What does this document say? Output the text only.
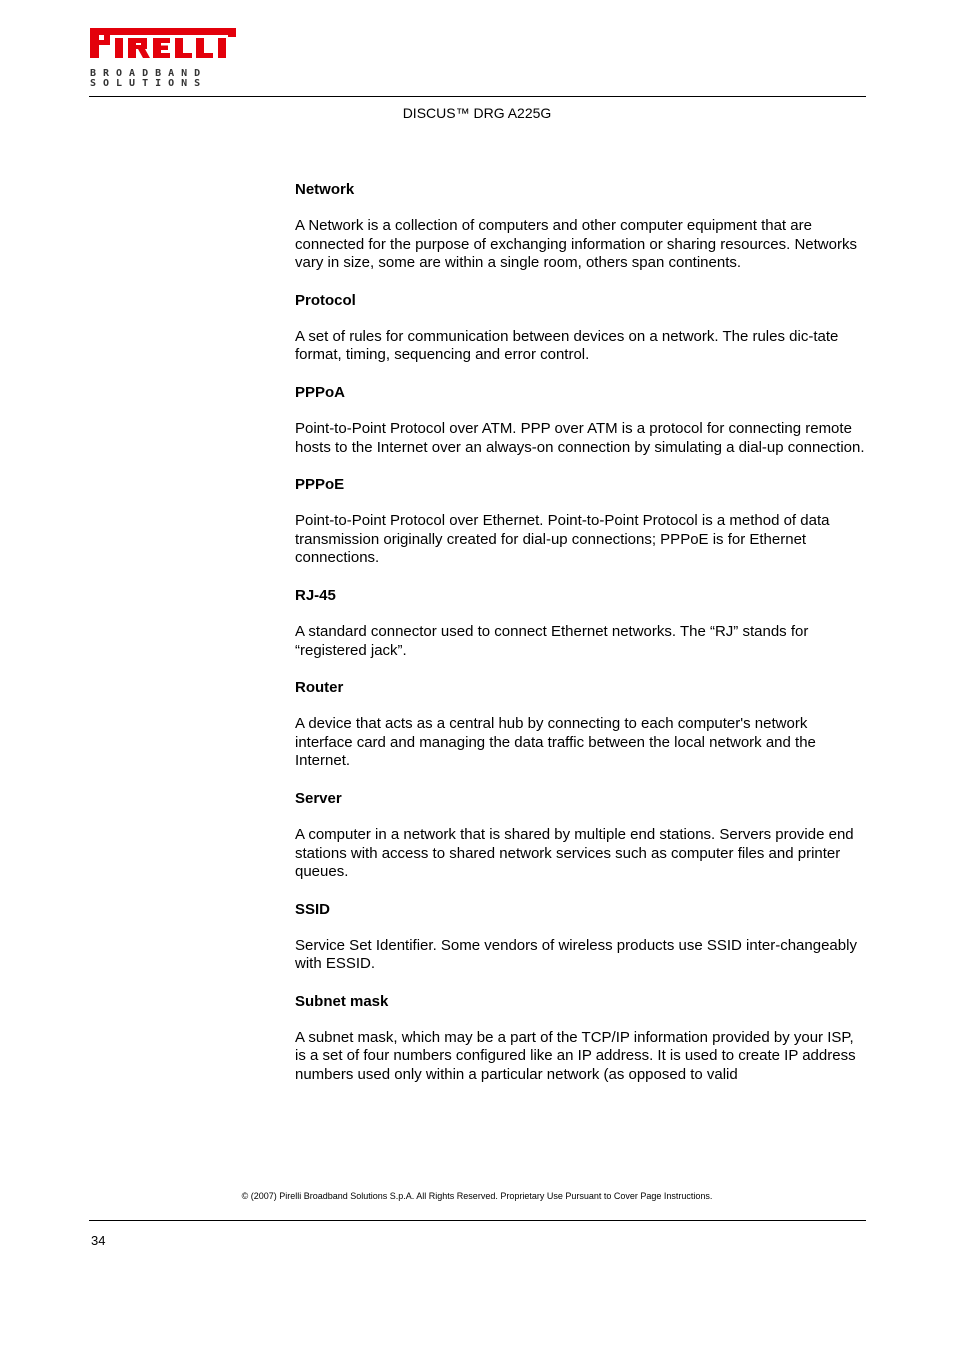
BROADBAND
SOLUTIONS
DISCUS™ DRG A225G
Network
A Network is a collection of computers and other computer equipment that are connected for the purpose of exchanging information or sharing resources. Networks vary in size, some are within a single room, others span continents.
Protocol
A set of rules for communication between devices on a network. The rules dic-tate format, timing, sequencing and error control.
PPPoA
Point-to-Point Protocol over ATM. PPP over ATM is a protocol for connecting remote hosts to the Internet over an always-on connection by simulating a dial-up connection.
PPPoE
Point-to-Point Protocol over Ethernet. Point-to-Point Protocol is a method of data transmission originally created for dial-up connections; PPPoE is for Ethernet connections.
RJ-45
A standard connector used to connect Ethernet networks. The “RJ” stands for “registered jack”.
Router
A device that acts as a central hub by connecting to each computer's network interface card and managing the data traffic between the local network and the Internet.
Server
A computer in a network that is shared by multiple end stations. Servers provide end stations with access to shared network services such as computer files and printer queues.
SSID
Service Set Identifier. Some vendors of wireless products use SSID inter-changeably with ESSID.
Subnet mask
A subnet mask, which may be a part of the TCP/IP information provided by your ISP, is a set of four numbers configured like an IP address. It is used to create IP address numbers used only within a particular network (as opposed to valid
© (2007) Pirelli Broadband Solutions S.p.A. All Rights Reserved. Proprietary Use Pursuant to Cover Page Instructions.
34
